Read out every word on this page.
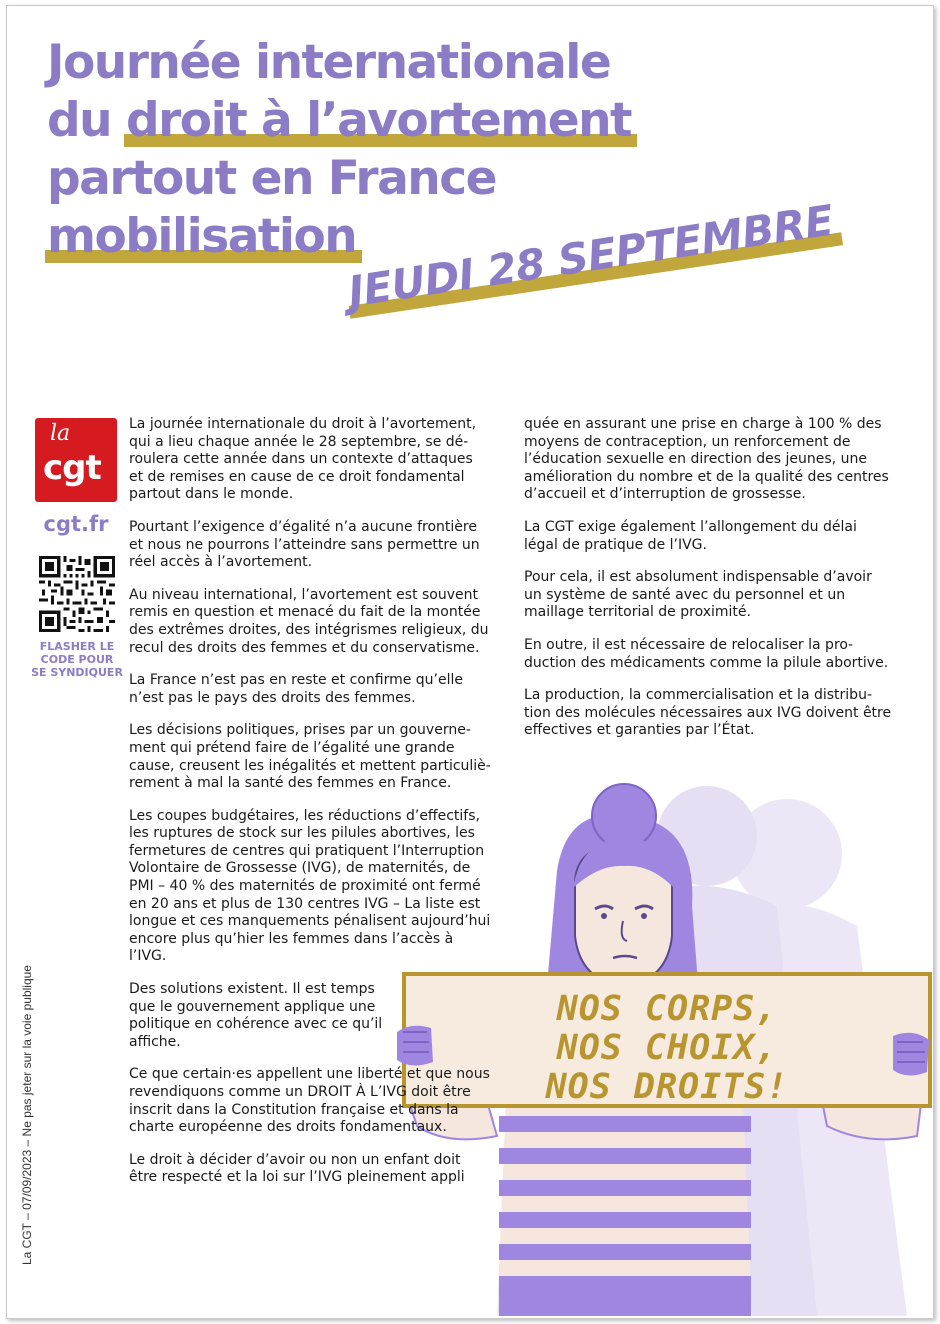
Journée internationale
du droit à l’avortement
partout en France
mobilisation
JEUDI 28 SEPTEMBRE
la
cgt
cgt.fr
FLASHER LE
CODE POUR
SE SYNDIQUER
La CGT – 07/09/2023 – Ne pas jeter sur la voie publique	NOS CORPS,
NOS CHOIX,
NOS DROITS!

La journée internationale du droit à l’avortement, qui a lieu chaque année le 28 septembre, se déroulera cette année dans un contexte d’attaques et de remises en cause de ce droit fondamental partout dans le monde.

Pourtant l’exigence d’égalité n’a aucune frontière et nous ne pourrons l’atteindre sans permettre un réel accès à l’avortement.

Au niveau international, l’avortement est souvent remis en question et menacé du fait de la montée des extrêmes droites, des intégrismes religieux, du recul des droits des femmes et du conservatisme.

La France n’est pas en reste et confirme qu’elle n’est pas le pays des droits des femmes.

Les décisions politiques, prises par un gouvernement qui prétend faire de l’égalité une grande cause, creusent les inégalités et mettent particulièrement à mal la santé des femmes en France.

Les coupes budgétaires, les réductions d’effectifs, les ruptures de stock sur les pilules abortives, les fermetures de centres qui pratiquent l’Interruption Volontaire de Grossesse (IVG), de maternités, de PMI – 40 % des maternités de proximité ont fermé en 20 ans et plus de 130 centres IVG – La liste est longue et ces manquements pénalisent aujourd’hui encore plus qu’hier les femmes dans l’accès à l’IVG.

Des solutions existent. Il est temps que le gouvernement applique une politique en cohérence avec ce qu’il affiche.

Ce que certain·es appellent une liberté et que nous revendiquons comme un DROIT À L’IVG doit être inscrit dans la Constitution française et dans la charte européenne des droits fondamentaux.

Le droit à décider d’avoir ou non un enfant doit être respecté et la loi sur l’IVG pleinement appli

quée en assurant une prise en charge à 100 % des moyens de contraception, un renforcement de l’éducation sexuelle en direction des jeunes, une amélioration du nombre et de la qualité des centres d’accueil et d’interruption de grossesse.

La CGT exige également l’allongement du délai légal de pratique de l’IVG.

Pour cela, il est absolument indispensable d’avoir un système de santé avec du personnel et un maillage territorial de proximité.

En outre, il est nécessaire de relocaliser la production des médicaments comme la pilule abortive.

La production, la commercialisation et la distribution des molécules nécessaires aux IVG doivent être effectives et garanties par l’État.
